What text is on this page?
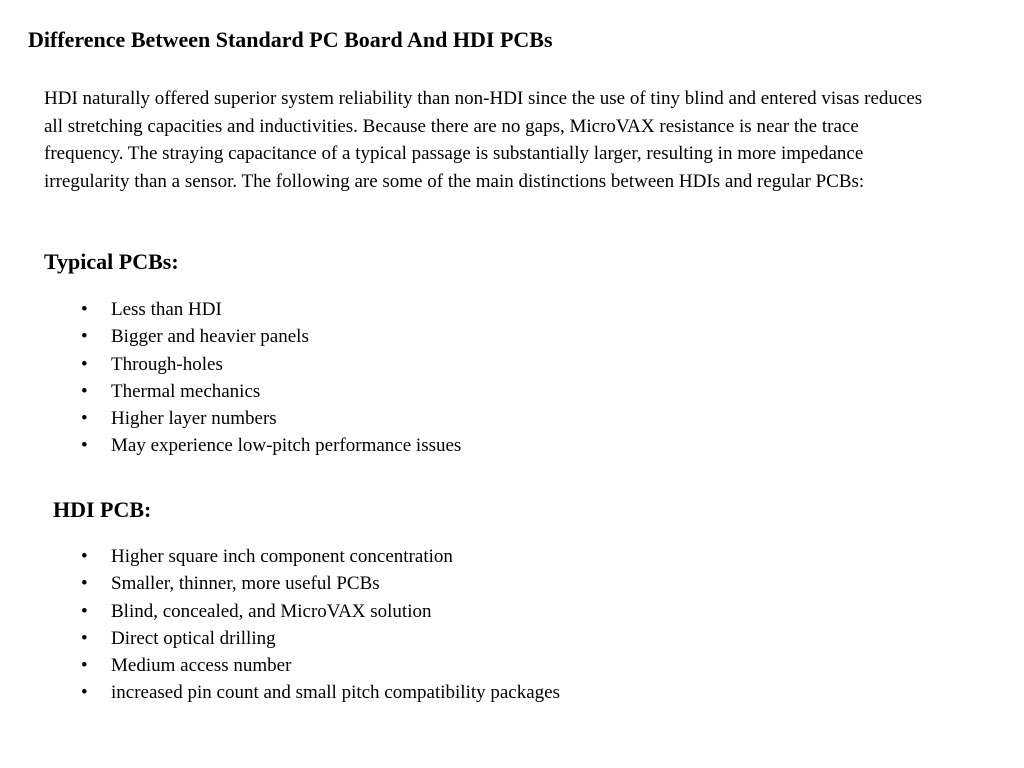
Difference Between Standard PC Board And HDI PCBs

HDI naturally offered superior system reliability than non-HDI since the use of tiny blind and entered visas reduces all stretching capacities and inductivities. Because there are no gaps, MicroVAX resistance is near the trace frequency. The straying capacitance of a typical passage is substantially larger, resulting in more impedance irregularity than a sensor. The following are some of the main distinctions between HDIs and regular PCBs:

Typical PCBs:
• Less than HDI
• Bigger and heavier panels
• Through-holes
• Thermal mechanics
• Higher layer numbers
• May experience low-pitch performance issues
HDI PCB:
• Higher square inch component concentration
• Smaller, thinner, more useful PCBs
• Blind, concealed, and MicroVAX solution
• Direct optical drilling
• Medium access number
• increased pin count and small pitch compatibility packages
